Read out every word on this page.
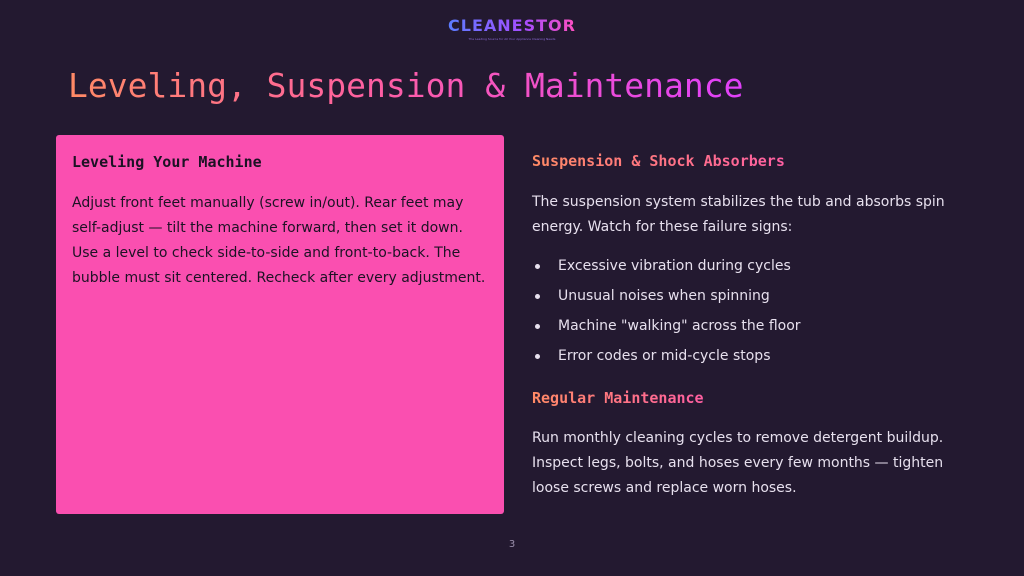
CLEANESTOR
The Leading Source for All Your Appliance Cleaning Needs
Leveling, Suspension & Maintenance
Leveling Your Machine

Adjust front feet manually (screw in/out). Rear feet may self-adjust — tilt the machine forward, then set it down. Use a level to check side-to-side and front-to-back. The bubble must sit centered. Recheck after every adjustment.

Suspension & Shock Absorbers

The suspension system stabilizes the tub and absorbs spin energy. Watch for these failure signs:

Excessive vibration during cycles
Unusual noises when spinning
Machine "walking" across the floor
Error codes or mid-cycle stops
Regular Maintenance

Run monthly cleaning cycles to remove detergent buildup. Inspect legs, bolts, and hoses every few months — tighten loose screws and replace worn hoses.

3
